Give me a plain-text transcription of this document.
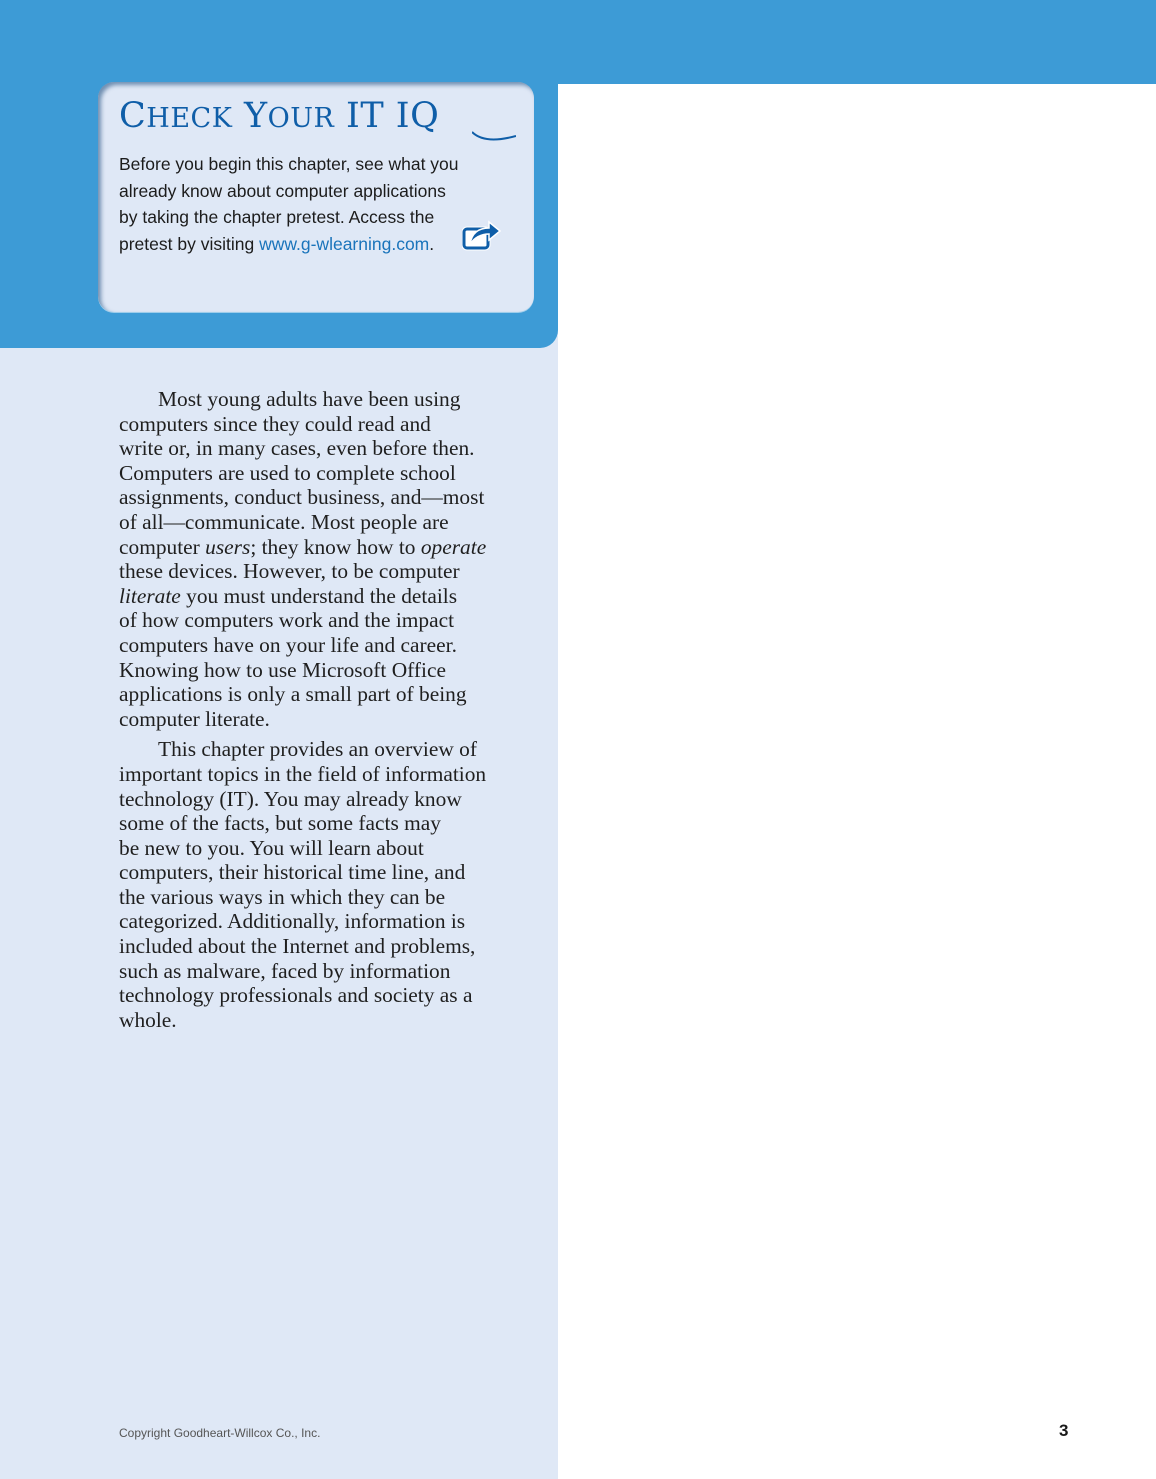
CHECK YOUR IT IQ
Before you begin this chapter, see what you
already know about computer applications
by taking the chapter pretest. Access the
pretest by visiting www.g-wlearning.com.
Most young adults have been using
computers since they could read and
write or, in many cases, even before then.
Computers are used to complete school
assignments, conduct business, and—most
of all—communicate. Most people are
computer users; they know how to operate
these devices. However, to be computer
literate you must understand the details
of how computers work and the impact
computers have on your life and career.
Knowing how to use Microsoft Office
applications is only a small part of being
computer literate.
This chapter provides an overview of
important topics in the field of information
technology (IT). You may already know
some of the facts, but some facts may
be new to you. You will learn about
computers, their historical time line, and
the various ways in which they can be
categorized. Additionally, information is
included about the Internet and problems,
such as malware, faced by information
technology professionals and society as a
whole.
Copyright Goodheart-Willcox Co., Inc.	3
